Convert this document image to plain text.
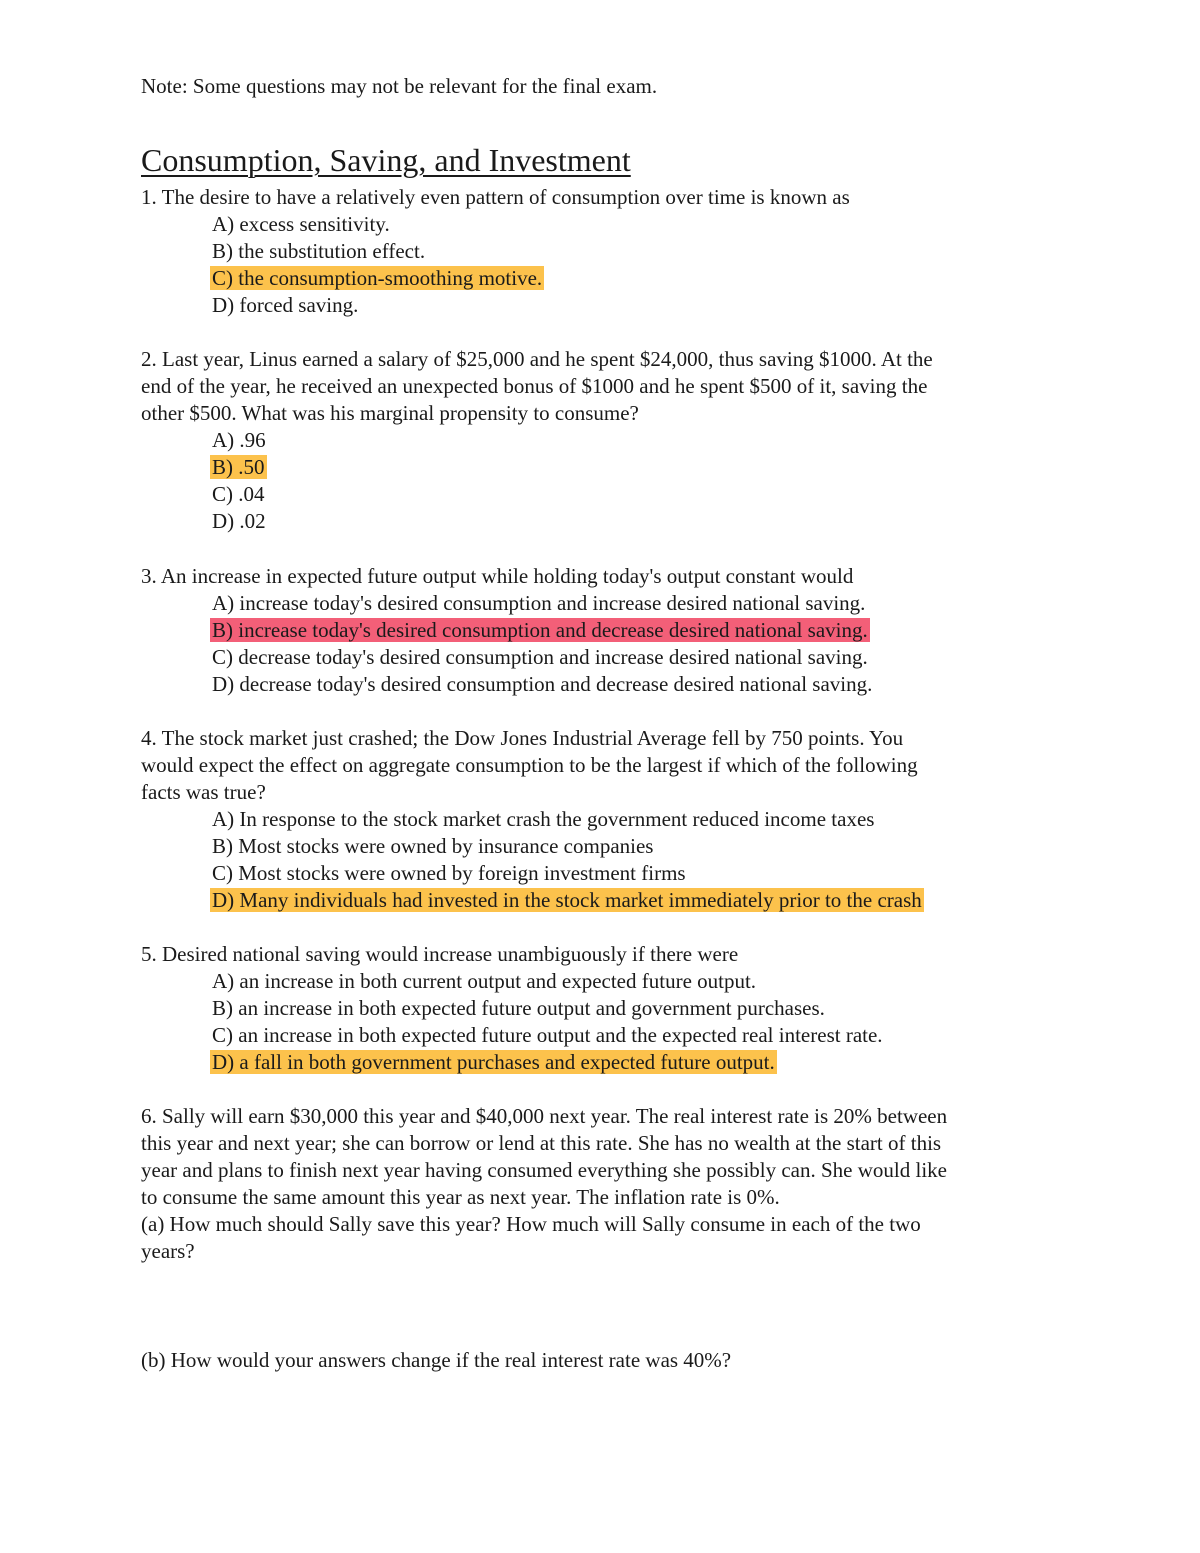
Note: Some questions may not be relevant for the final exam.
Consumption, Saving, and Investment
1. The desire to have a relatively even pattern of consumption over time is known as
A) excess sensitivity.
B) the substitution effect.
C) the consumption-smoothing motive.
D) forced saving.
2. Last year, Linus earned a salary of $25,000 and he spent $24,000, thus saving $1000. At the
end of the year, he received an unexpected bonus of $1000 and he spent $500 of it, saving the
other $500. What was his marginal propensity to consume?
A) .96
B) .50
C) .04
D) .02
3. An increase in expected future output while holding today's output constant would
A) increase today's desired consumption and increase desired national saving.
B) increase today's desired consumption and decrease desired national saving.
C) decrease today's desired consumption and increase desired national saving.
D) decrease today's desired consumption and decrease desired national saving.
4. The stock market just crashed; the Dow Jones Industrial Average fell by 750 points. You
would expect the effect on aggregate consumption to be the largest if which of the following
facts was true?
A) In response to the stock market crash the government reduced income taxes
B) Most stocks were owned by insurance companies
C) Most stocks were owned by foreign investment firms
D) Many individuals had invested in the stock market immediately prior to the crash
5. Desired national saving would increase unambiguously if there were
A) an increase in both current output and expected future output.
B) an increase in both expected future output and government purchases.
C) an increase in both expected future output and the expected real interest rate.
D) a fall in both government purchases and expected future output.
6. Sally will earn $30,000 this year and $40,000 next year. The real interest rate is 20% between
this year and next year; she can borrow or lend at this rate. She has no wealth at the start of this
year and plans to finish next year having consumed everything she possibly can. She would like
to consume the same amount this year as next year. The inflation rate is 0%.
(a) How much should Sally save this year? How much will Sally consume in each of the two
years?
(b) How would your answers change if the real interest rate was 40%?
